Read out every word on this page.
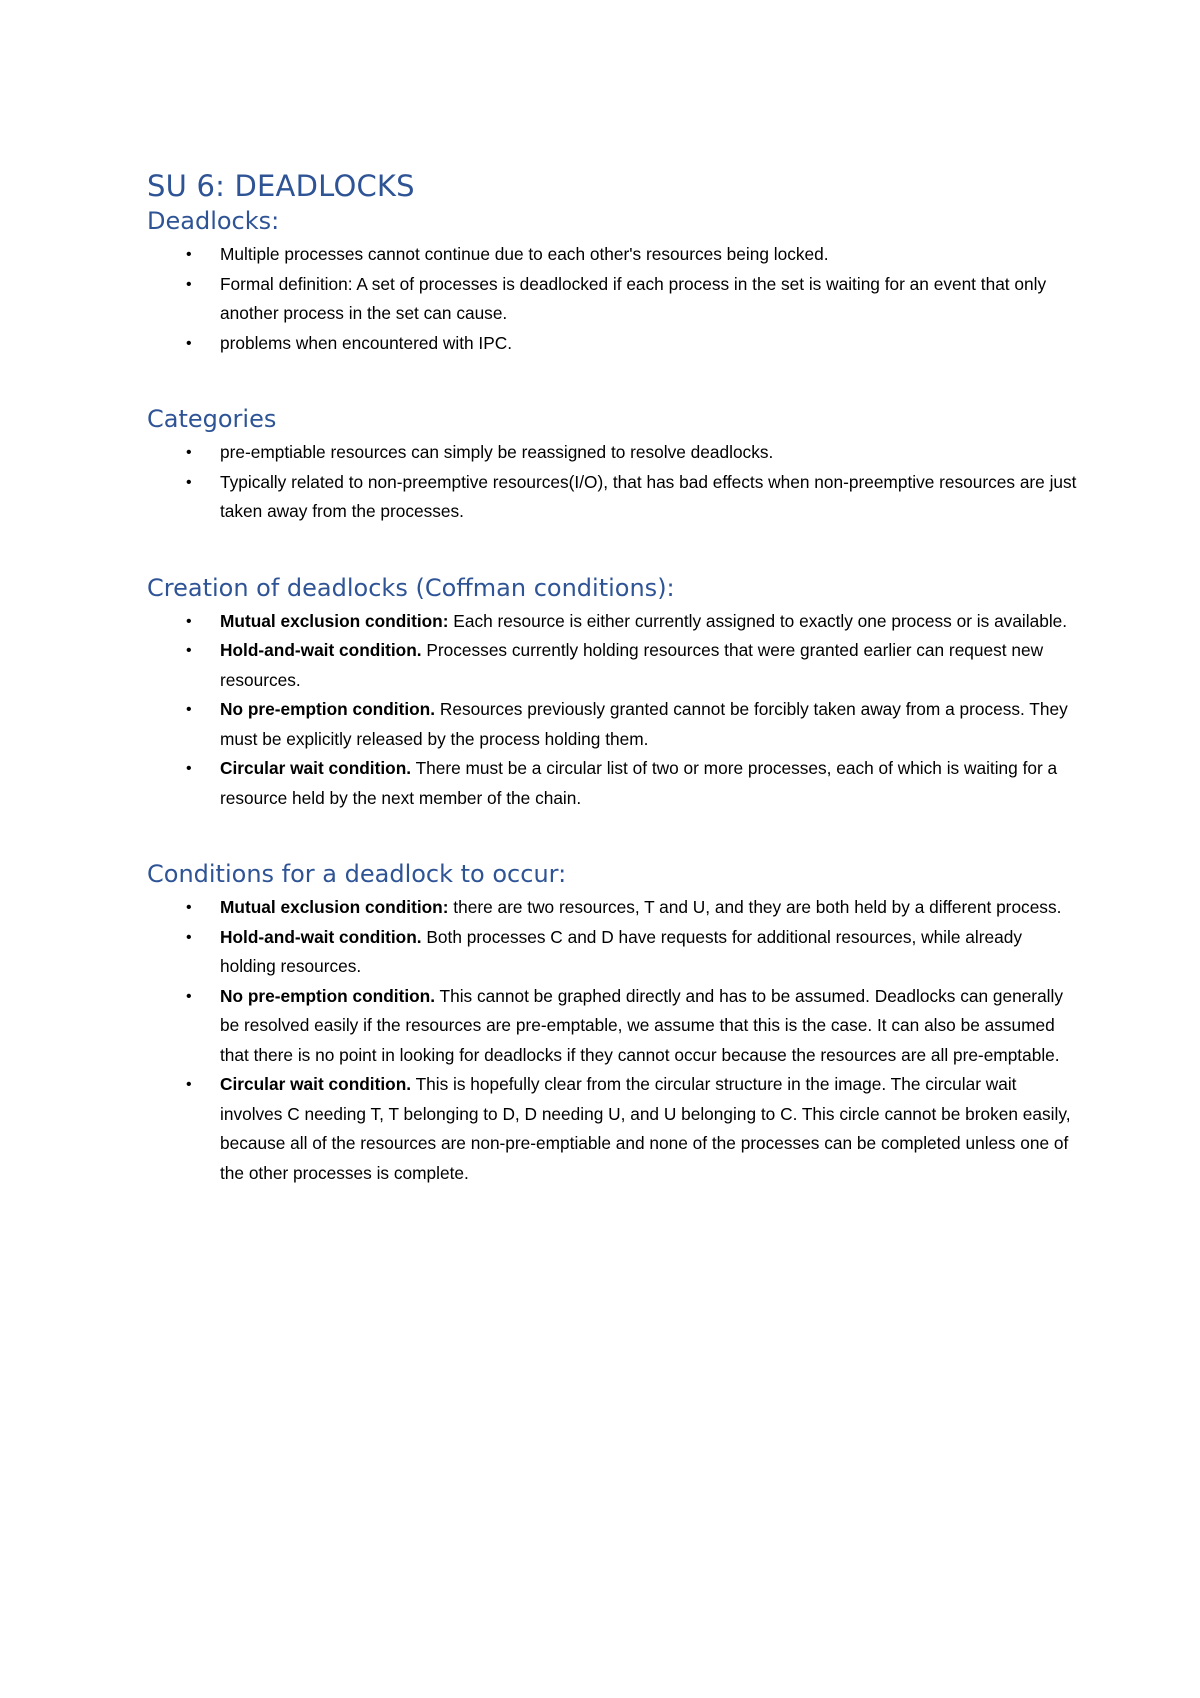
SU 6: DEADLOCKS
Deadlocks:
• Multiple processes cannot continue due to each other's resources being locked.
• Formal definition: A set of processes is deadlocked if each process in the set is waiting for an event that only another process in the set can cause.
• problems when encountered with IPC.
Categories
• pre-emptiable resources can simply be reassigned to resolve deadlocks.
• Typically related to non-preemptive resources(I/O), that has bad effects when non-preemptive resources are just taken away from the processes.
Creation of deadlocks (Coffman conditions):
• Mutual exclusion condition: Each resource is either currently assigned to exactly one process or is available.
• Hold-and-wait condition. Processes currently holding resources that were granted earlier can request new resources.
• No pre-emption condition. Resources previously granted cannot be forcibly taken away from a process. They must be explicitly released by the process holding them.
• Circular wait condition. There must be a circular list of two or more processes, each of which is waiting for a resource held by the next member of the chain.
Conditions for a deadlock to occur:
• Mutual exclusion condition: there are two resources, T and U, and they are both held by a different process.
• Hold-and-wait condition. Both processes C and D have requests for additional resources, while already holding resources.
• No pre-emption condition. This cannot be graphed directly and has to be assumed. Deadlocks can generally be resolved easily if the resources are pre-emptable, we assume that this is the case. It can also be assumed that there is no point in looking for deadlocks if they cannot occur because the resources are all pre-emptable.
• Circular wait condition. This is hopefully clear from the circular structure in the image. The circular wait involves C needing T, T belonging to D, D needing U, and U belonging to C. This circle cannot be broken easily, because all of the resources are non-pre-emptiable and none of the processes can be completed unless one of the other processes is complete.
